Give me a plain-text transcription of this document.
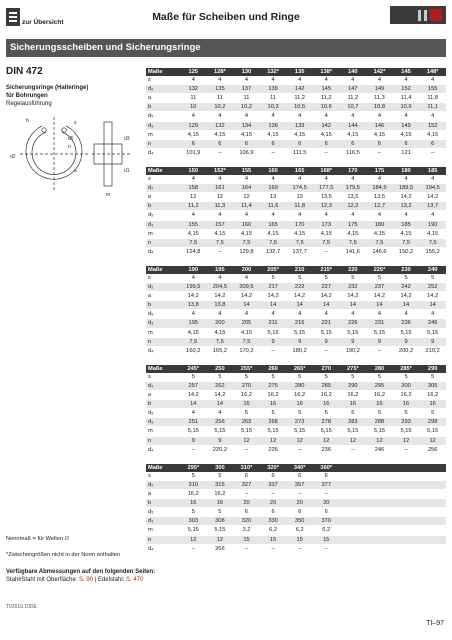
zur Übersicht	Maße für Scheiben und Ringe
Sicherungsscheiben und Sicherungsringe
DIN 472
Sicherungsringe (Halteringe)
für Bohrungen
Regelausführung
b	s
d2
d5
n
a
m
d3
d1
Maße	125	128*	130	132*	135	138*	140	142*	145	148*
s	4	4	4	4	4	4	4	4	4	4
d₂	132	135	137	139	142	145	147	149	152	155
a	11	11	11	11	11,2	11,2	11,2	11,3	11,4	11,8
b	10	10,2	10,2	10,3	10,5	10,6	10,7	10,8	10,9	11,1
d₅	4	4	4	4	4	4	4	4	4	4
d₃	129	132	134	136	139	142	144	146	149	152
m	4,15	4,15	4,15	4,15	4,15	4,15	4,15	4,15	4,15	4,15
n	6	6	6	6	6	6	6	6	6	6
d₄	101,9	–	106,9	–	111,5	–	116,5	–	121	–
Maße	150	152*	155	160	165	168*	170	175	180	185
s	4	4	4	4	4	4	4	4	4	4
d₂	158	161	164	169	174,5	177,5	179,5	184,5	189,5	194,5
a	12	12	12	13	13	13,5	13,5	13,5	14,2	14,2
b	11,2	11,3	11,4	11,6	11,8	12,3	12,2	12,7	13,2	13,7
d₅	4	4	4	4	4	4	4	4	4	4
d₃	155	157	160	165	170	173	175	180	185	190
m	4,15	4,15	4,15	4,15	4,15	4,15	4,15	4,15	4,15	4,15
n	7,5	7,5	7,5	7,5	7,5	7,5	7,5	7,5	7,5	7,5
d₄	124,8	–	129,8	132,7	137,7	–	141,6	146,6	150,2	155,2
Maße	190	195	200	205*	210	215*	220	225*	230	240
s	4	4	4	5	5	5	5	5	5	5
d₂	199,5	204,5	209,5	217	222	227	232	237	242	252
a	14,2	14,2	14,2	14,2	14,2	14,2	14,2	14,2	14,2	14,2
b	13,8	13,8	14	14	14	14	14	14	14	14
d₅	4	4	4	4	4	4	4	4	4	4
d₃	195	200	205	211	216	221	226	231	236	246
m	4,15	4,15	4,15	5,15	5,15	5,15	5,15	5,15	5,15	5,15
n	7,5	7,5	7,5	9	9	9	9	9	9	9
d₄	160,2	165,2	170,2	–	180,2	–	190,2	–	200,2	210,2
Maße	245*	250	255*	260	265*	270	275*	280	285*	290
s	5	5	5	5	5	5	5	5	5	5
d₂	257	262	270	275	280	285	290	295	300	305
a	14,2	14,2	16,2	16,2	16,2	16,2	16,2	16,2	16,2	16,2
b	14	14	16	16	16	16	16	16	16	16
d₅	4	4	5	5	5	5	5	5	5	5
d₃	251	256	263	268	273	278	283	288	293	298
m	5,15	5,15	5,15	5,15	5,15	5,15	5,15	5,15	5,15	5,15
n	9	9	12	12	12	12	12	12	12	12
d₄	–	220,2	–	226	–	236	–	246	–	256
Maße	295*	300	310*	320*	340*	360*				
s	5	5	6	6	6	6				
d₂	310	315	327	337	357	377				
a	16,2	16,2	–	–	–	–				
b	16	16	20	20	20	20				
d₅	5	5	6	6	6	6				
d₃	303	308	320	330	350	370				
m	5,15	5,15	3,2	6,2	6,2	6,2				
n	12	12	15	15	15	15				
d₄	–	266	–	–	–	–				
Nennmaß = für Wellen ∅
*Zwischengrößen nicht in der Norm enthalten
Verfügbare Abmessungen auf den folgenden Seiten:
Stahl/Stahl mit Oberfläche: S. 90 | Edelstahl: S. 470
TI/2019.10DE
TI–97
